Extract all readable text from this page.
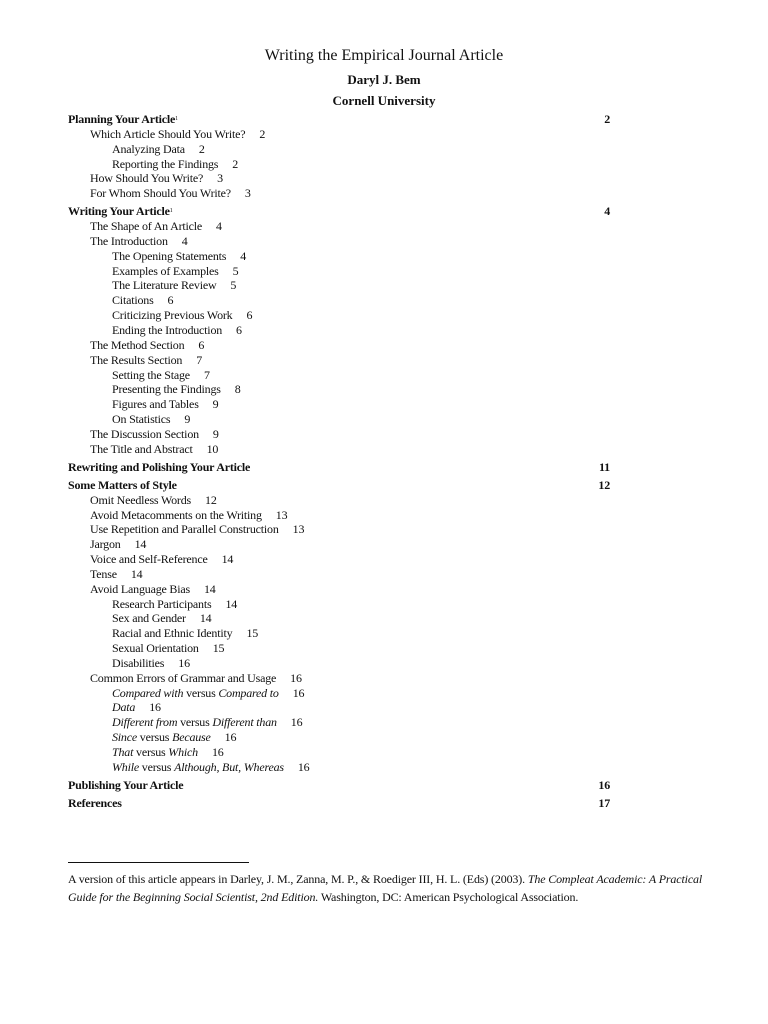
Writing the Empirical Journal Article
Daryl J. Bem
Cornell University
Planning Your Article$^1$	2
Which Article Should You Write? 2
Analyzing Data 2
Reporting the Findings 2
How Should You Write? 3
For Whom Should You Write? 3
Writing Your Article$^1$	4
The Shape of An Article 4
The Introduction 4
The Opening Statements 4
Examples of Examples 5
The Literature Review 5
Citations 6
Criticizing Previous Work 6
Ending the Introduction 6
The Method Section 6
The Results Section 7
Setting the Stage 7
Presenting the Findings 8
Figures and Tables 9
On Statistics 9
The Discussion Section 9
The Title and Abstract 10
Rewriting and Polishing Your Article	11
Some Matters of Style	12
Omit Needless Words 12
Avoid Metacomments on the Writing 13
Use Repetition and Parallel Construction 13
Jargon 14
Voice and Self-Reference 14
Tense 14
Avoid Language Bias 14
Research Participants 14
Sex and Gender 14
Racial and Ethnic Identity 15
Sexual Orientation 15
Disabilities 16
Common Errors of Grammar and Usage 16
Compared with versus Compared to 16
Data 16
Different from versus Different than 16
Since versus Because 16
That versus Which 16
While versus Although, But, Whereas 16
Publishing Your Article	16
References	17
A version of this article appears in Darley, J. M., Zanna, M. P., & Roediger III, H. L. (Eds) (2003). The Compleat Academic: A Practical Guide for the Beginning Social Scientist, 2nd Edition. Washington, DC: American Psychological Association.
